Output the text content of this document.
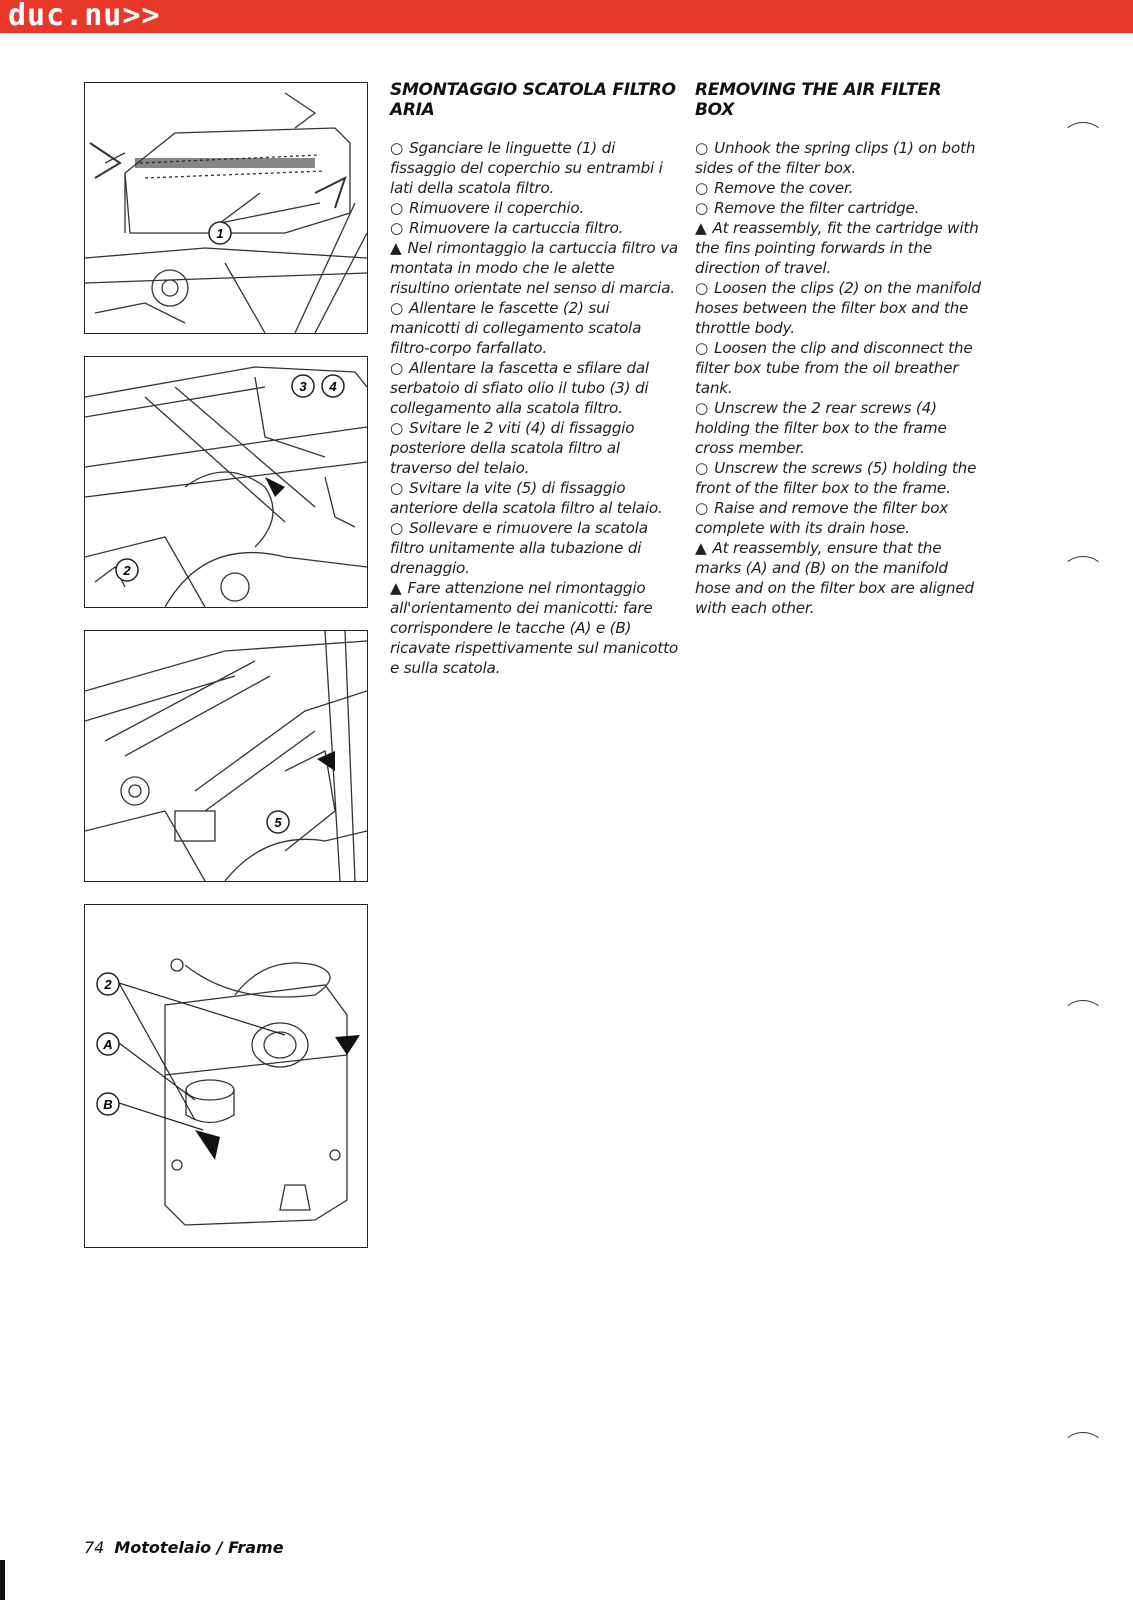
duc.nu>>
1
3 4
2
5
2
A
B
SMONTAGGIO SCATOLA FILTRO ARIA
○ Sganciare le linguette (1) di fissaggio del coperchio su entrambi i lati della scatola filtro.
○ Rimuovere il coperchio.
○ Rimuovere la cartuccia filtro.
▲ Nel rimontaggio la cartuccia filtro va montata in modo che le alette risultino orientate nel senso di marcia.
○ Allentare le fascette (2) sui manicotti di collegamento scatola filtro-corpo farfallato.
○ Allentare la fascetta e sfilare dal serbatoio di sfiato olio il tubo (3) di collegamento alla scatola filtro.
○ Svitare le 2 viti (4) di fissaggio posteriore della scatola filtro al traverso del telaio.
○ Svitare la vite (5) di fissaggio anteriore della scatola filtro al telaio.
○ Sollevare e rimuovere la scatola filtro unitamente alla tubazione di drenaggio.
▲ Fare attenzione nel rimontaggio all'orientamento dei manicotti: fare corrispondere le tacche (A) e (B) ricavate rispettivamente sul manicotto e sulla scatola.
REMOVING THE AIR FILTER BOX
○ Unhook the spring clips (1) on both sides of the filter box.
○ Remove the cover.
○ Remove the filter cartridge.
▲ At reassembly, fit the cartridge with the fins pointing forwards in the direction of travel.
○ Loosen the clips (2) on the manifold hoses between the filter box and the throttle body.
○ Loosen the clip and disconnect the filter box tube from the oil breather tank.
○ Unscrew the 2 rear screws (4) holding the filter box to the frame cross member.
○ Unscrew the screws (5) holding the front of the filter box to the frame.
○ Raise and remove the filter box complete with its drain hose.
▲ At reassembly, ensure that the marks (A) and (B) on the manifold hose and on the filter box are aligned with each other.
74 Mototelaio / Frame
